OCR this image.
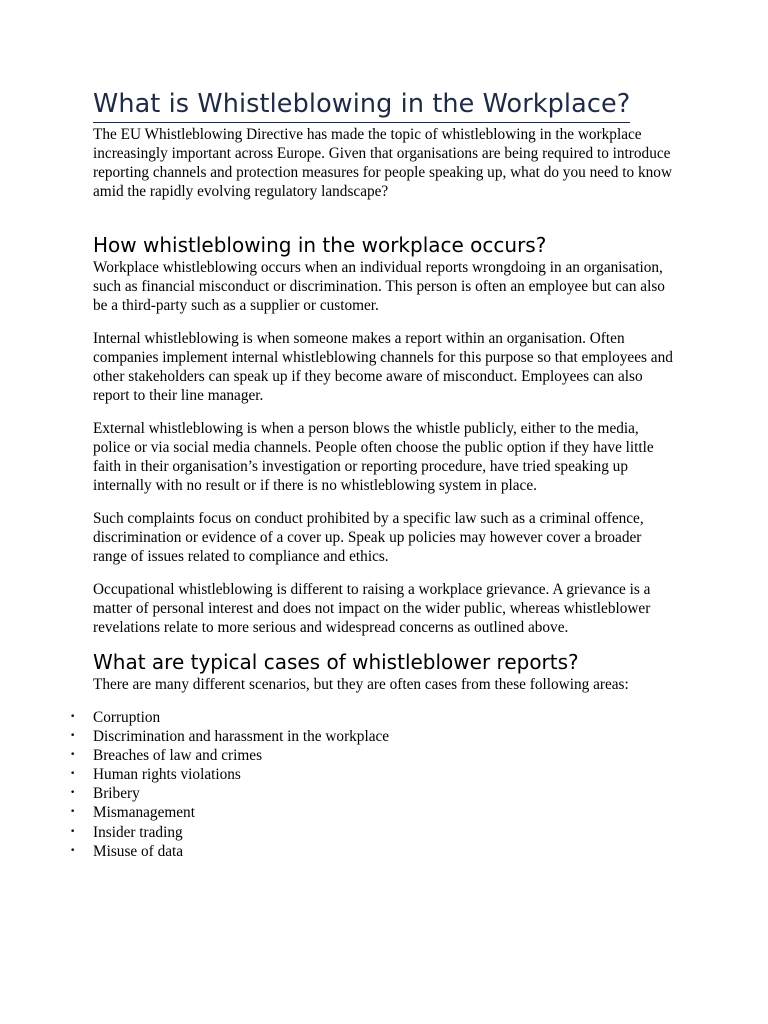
What is Whistleblowing in the Workplace?

The EU Whistleblowing Directive has made the topic of whistleblowing in the workplace increasingly important across Europe. Given that organisations are being required to introduce reporting channels and protection measures for people speaking up, what do you need to know amid the rapidly evolving regulatory landscape?

How whistleblowing in the workplace occurs?

Workplace whistleblowing occurs when an individual reports wrongdoing in an organisation, such as financial misconduct or discrimination. This person is often an employee but can also be a third-party such as a supplier or customer.

Internal whistleblowing is when someone makes a report within an organisation. Often companies implement internal whistleblowing channels for this purpose so that employees and other stakeholders can speak up if they become aware of misconduct. Employees can also report to their line manager.

External whistleblowing is when a person blows the whistle publicly, either to the media, police or via social media channels. People often choose the public option if they have little faith in their organisation’s investigation or reporting procedure, have tried speaking up internally with no result or if there is no whistleblowing system in place.

Such complaints focus on conduct prohibited by a specific law such as a criminal offence, discrimination or evidence of a cover up. Speak up policies may however cover a broader range of issues related to compliance and ethics.

Occupational whistleblowing is different to raising a workplace grievance. A grievance is a matter of personal interest and does not impact on the wider public, whereas whistleblower revelations relate to more serious and widespread concerns as outlined above.

What are typical cases of whistleblower reports?

There are many different scenarios, but they are often cases from these following areas:

• Corruption
• Discrimination and harassment in the workplace
• Breaches of law and crimes
• Human rights violations
• Bribery
• Mismanagement
• Insider trading
• Misuse of data
